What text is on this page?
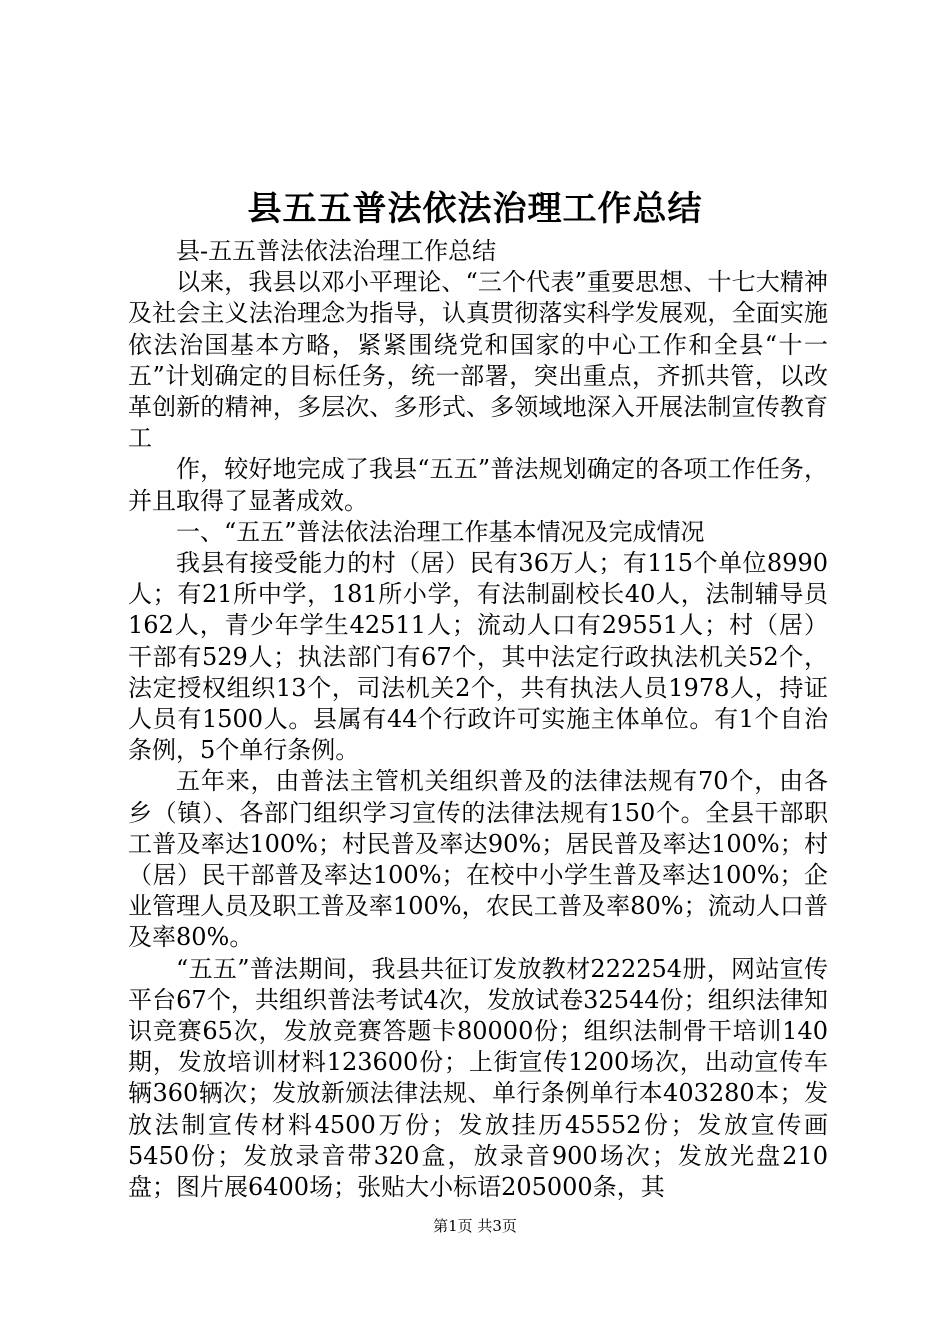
县五五普法依法治理工作总结

县-五五普法依法治理工作总结

以来，我县以邓小平理论、“三个代表”重要思想、十七大精神及社会主义法治理念为指导，认真贯彻落实科学发展观，全面实施依法治国基本方略，紧紧围绕党和国家的中心工作和全县“十一五”计划确定的目标任务，统一部署，突出重点，齐抓共管，以改革创新的精神，多层次、多形式、多领域地深入开展法制宣传教育工

作，较好地完成了我县“五五”普法规划确定的各项工作任务，并且取得了显著成效。

一、“五五”普法依法治理工作基本情况及完成情况

我县有接受能力的村（居）民有36万人；有115个单位8990人；有21所中学，181所小学，有法制副校长40人，法制辅导员162人，青少年学生42511人；流动人口有29551人；村（居）干部有529人；执法部门有67个，其中法定行政执法机关52个，法定授权组织13个，司法机关2个，共有执法人员1978人，持证人员有1500人。县属有44个行政许可实施主体单位。有1个自治条例，5个单行条例。

五年来，由普法主管机关组织普及的法律法规有70个，由各乡（镇）、各部门组织学习宣传的法律法规有150个。全县干部职工普及率达100%；村民普及率达90%；居民普及率达100%；村（居）民干部普及率达100%；在校中小学生普及率达100%；企业管理人员及职工普及率100%，农民工普及率80%；流动人口普及率80%。

“五五”普法期间，我县共征订发放教材222254册，网站宣传平台67个，共组织普法考试4次，发放试卷32544份；组织法律知识竞赛65次，发放竞赛答题卡80000份；组织法制骨干培训140期，发放培训材料123600份；上街宣传1200场次，出动宣传车辆360辆次；发放新颁法律法规、单行条例单行本403280本；发放法制宣传材料4500万份；发放挂历45552份；发放宣传画5450份；发放录音带320盒，放录音900场次；发放光盘210盘；图片展6400场；张贴大小标语205000条，其

第1页 共3页
